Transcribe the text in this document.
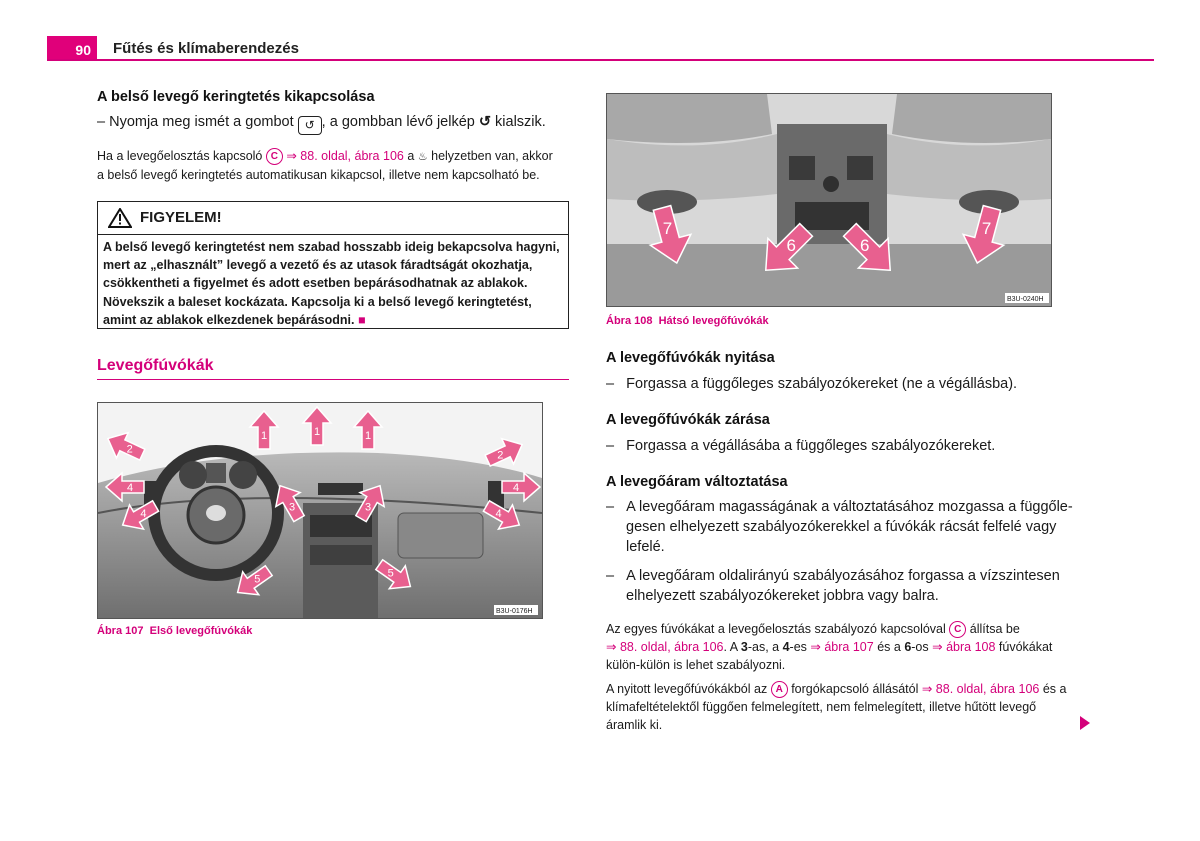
90 Fűtés és klímaberendezés
A belső levegő keringtetés kikapcsolása
– Nyomja meg ismét a gombot ↺ , a gombban lévő jelkép ↺ kialszik.
Ha a levegőelosztás kapcsoló C ⇒ 88. oldal, ábra 106 a ♨ helyzetben van, akkor
a belső levegő keringtetés automatikusan kikapcsol, illetve nem kapcsolható be.
FIGYELEM!
A belső levegő keringtetést nem szabad hosszabb ideig bekapcsolva hagyni, mert az „elhasznált” levegő a vezető és az utasok fáradtságát okozhatja, csökkentheti a figyelmet és adott esetben bepárásodhatnak az ablakok. Növekszik a baleset kockázata. Kapcsolja ki a belső levegő keringtetést, amint az ablakok elkezdenek bepárásodni. ■
Levegőfúvókák
1	1	1
2	2
3	3
4	4
4	4
5	5
B3U-0176H
Ábra 107 Első levegőfúvókák
7
6	6
7
B3U-0240H
Ábra 108 Hátsó levegőfúvókák
A levegőfúvókák nyitása
–   Forgassa a függőleges szabályozókereket (ne a végállásba).
A levegőfúvókák zárása
–   Forgassa a végállásába a függőleges szabályozókereket.
A levegőáram változtatása
–   A levegőáram magasságának a változtatásához mozgassa a függőle-
gesen elhelyezett szabályozókerekkel a fúvókák rácsát felfelé vagy
lefelé.
–   A levegőáram oldalirányú szabályozásához forgassa a vízszintesen
elhelyezett szabályozókereket jobbra vagy balra.
Az egyes fúvókákat a levegőelosztás szabályozó kapcsolóval C állítsa be
⇒ 88. oldal, ábra 106. A 3-as, a 4-es ⇒ ábra 107 és a 6-os ⇒ ábra 108 fúvókákat
külön-külön is lehet szabályozni.
A nyitott levegőfúvókákból az A forgókapcsoló állásától ⇒ 88. oldal, ábra 106 és a
klímafeltételektől függően felmelegített, nem felmelegített, illetve hűtött levegő
áramlik ki.
